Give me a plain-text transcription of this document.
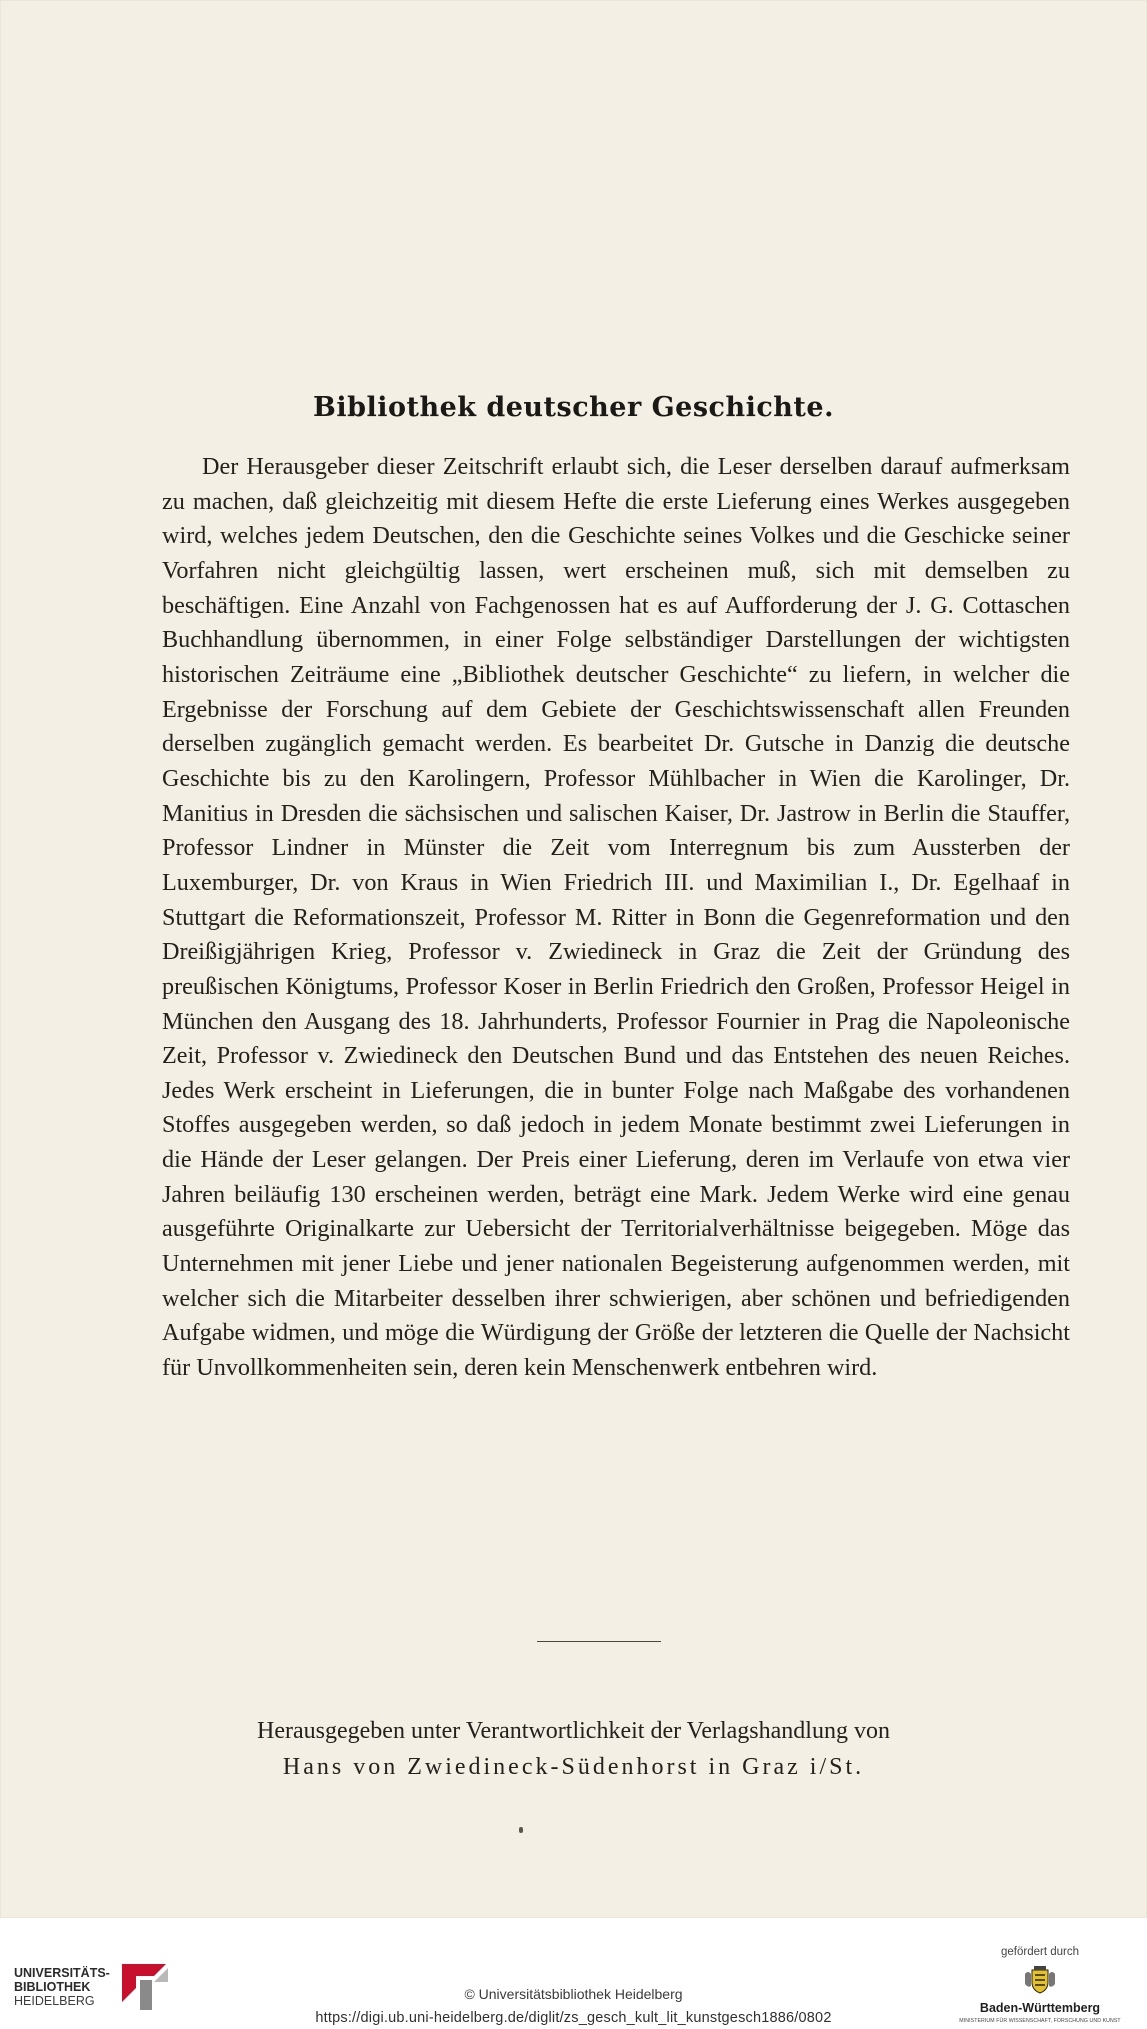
Bibliothek deutscher Geschichte.

Der Herausgeber dieser Zeitschrift erlaubt sich, die Leser derselben darauf aufmerksam zu machen, daß gleichzeitig mit diesem Hefte die erste Lieferung eines Werkes ausgegeben wird, welches jedem Deutschen, den die Geschichte seines Volkes und die Geschicke seiner Vorfahren nicht gleichgültig lassen, wert erscheinen muß, sich mit demselben zu beschäftigen. Eine Anzahl von Fachgenossen hat es auf Aufforderung der J. G. Cottaschen Buchhandlung übernommen, in einer Folge selbständiger Darstellungen der wichtigsten historischen Zeiträume eine „Bibliothek deutscher Geschichte“ zu liefern, in welcher die Ergebnisse der Forschung auf dem Gebiete der Geschichtswissenschaft allen Freunden derselben zugänglich gemacht werden. Es bearbeitet Dr. Gutsche in Danzig die deutsche Geschichte bis zu den Karolingern, Professor Mühlbacher in Wien die Karolinger, Dr. Manitius in Dresden die sächsischen und salischen Kaiser, Dr. Jastrow in Berlin die Stauffer, Professor Lindner in Münster die Zeit vom Interregnum bis zum Aussterben der Luxemburger, Dr. von Kraus in Wien Friedrich III. und Maximilian I., Dr. Egelhaaf in Stuttgart die Reformationszeit, Professor M. Ritter in Bonn die Gegenreformation und den Dreißigjährigen Krieg, Professor v. Zwiedineck in Graz die Zeit der Gründung des preußischen Königtums, Professor Koser in Berlin Friedrich den Großen, Professor Heigel in München den Ausgang des 18. Jahrhunderts, Professor Fournier in Prag die Napoleonische Zeit, Professor v. Zwiedineck den Deutschen Bund und das Entstehen des neuen Reiches. Jedes Werk erscheint in Lieferungen, die in bunter Folge nach Maßgabe des vorhandenen Stoffes ausgegeben werden, so daß jedoch in jedem Monate bestimmt zwei Lieferungen in die Hände der Leser gelangen. Der Preis einer Lieferung, deren im Verlaufe von etwa vier Jahren beiläufig 130 erscheinen werden, beträgt eine Mark. Jedem Werke wird eine genau ausgeführte Originalkarte zur Uebersicht der Territorialverhältnisse beigegeben. Möge das Unternehmen mit jener Liebe und jener nationalen Begeisterung aufgenommen werden, mit welcher sich die Mitarbeiter desselben ihrer schwierigen, aber schönen und befriedigenden Aufgabe widmen, und möge die Würdigung der Größe der letzteren die Quelle der Nachsicht für Unvollkommenheiten sein, deren kein Menschenwerk entbehren wird.

Herausgegeben unter Verantwortlichkeit der Verlagshandlung von
Hans von Zwiedineck-Südenhorst in Graz i/St.
UNIVERSITÄTS-
BIBLIOTHEK
HEIDELBERG	© Universitätsbibliothek Heidelberg
https://digi.ub.uni-heidelberg.de/diglit/zs_gesch_kult_lit_kunstgesch1886/0802
gefördert durch
Baden-Württemberg
MINISTERIUM FÜR WISSENSCHAFT, FORSCHUNG UND KUNST
